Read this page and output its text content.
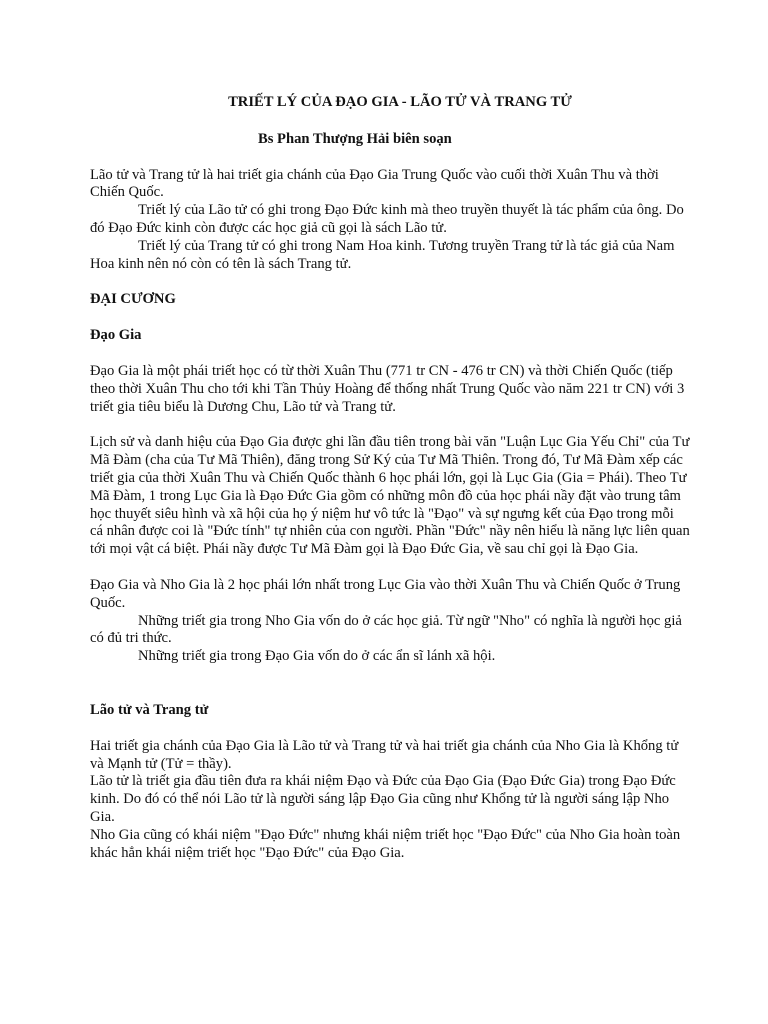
TRIẾT LÝ CỦA ĐẠO GIA - LÃO TỬ VÀ TRANG TỬ

Bs Phan Thượng Hải biên soạn

Lão tử và Trang tử là hai triết gia chánh của Đạo Gia Trung Quốc vào cuối thời Xuân Thu và thời Chiến Quốc.

Triết lý của Lão tử có ghi trong Đạo Đức kinh mà theo truyền thuyết là tác phẩm của ông. Do đó Đạo Đức kinh còn được các học giả cũ gọi là sách Lão tử.

Triết lý của Trang tử có ghi trong Nam Hoa kinh. Tương truyền Trang tử là tác giả của Nam Hoa kinh nên nó còn có tên là sách Trang tử.

ĐẠI CƯƠNG

Đạo Gia

Đạo Gia là một phái triết học có từ thời Xuân Thu (771 tr CN - 476 tr CN) và thời Chiến Quốc (tiếp theo thời Xuân Thu cho tới khi Tần Thủy Hoàng để thống nhất Trung Quốc vào năm 221 tr CN) với 3 triết gia tiêu biểu là Dương Chu, Lão tử và Trang tử.

Lịch sử và danh hiệu của Đạo Gia được ghi lần đầu tiên trong bài văn "Luận Lục Gia Yếu Chỉ" của Tư Mã Đàm (cha của Tư Mã Thiên), đăng trong Sử Ký của Tư Mã Thiên. Trong đó, Tư Mã Đàm xếp các triết gia của thời Xuân Thu và Chiến Quốc thành 6 học phái lớn, gọi là Lục Gia (Gia = Phái). Theo Tư Mã Đàm, 1 trong Lục Gia là Đạo Đức Gia gồm có những môn đồ của học phái nầy đặt vào trung tâm học thuyết siêu hình và xã hội của họ ý niệm hư vô tức là "Đạo" và sự ngưng kết của Đạo trong mỗi cá nhân được coi là "Đức tính" tự nhiên của con người. Phần "Đức" nầy nên hiểu là năng lực liên quan tới mọi vật cá biệt. Phái nầy được Tư Mã Đàm gọi là Đạo Đức Gia, về sau chỉ gọi là Đạo Gia.

Đạo Gia và Nho Gia là 2 học phái lớn nhất trong Lục Gia vào thời Xuân Thu và Chiến Quốc ở Trung Quốc.

Những triết gia trong Nho Gia vốn do ở các học giả. Từ ngữ "Nho" có nghĩa là người học giả có đủ tri thức.

Những triết gia trong Đạo Gia vốn do ở các ẩn sĩ lánh xã hội.

Lão tử và Trang tử

Hai triết gia chánh của Đạo Gia là Lão tử và Trang tử và hai triết gia chánh của Nho Gia là Khổng tử và Mạnh tử (Tử = thầy).

Lão tử là triết gia đầu tiên đưa ra khái niệm Đạo và Đức của Đạo Gia (Đạo Đức Gia) trong Đạo Đức kinh. Do đó có thể nói Lão tử là người sáng lập Đạo Gia cũng như Khổng tử là người sáng lập Nho Gia.

Nho Gia cũng có khái niệm "Đạo Đức" nhưng khái niệm triết học "Đạo Đức" của Nho Gia hoàn toàn khác hẳn khái niệm triết học "Đạo Đức" của Đạo Gia.
